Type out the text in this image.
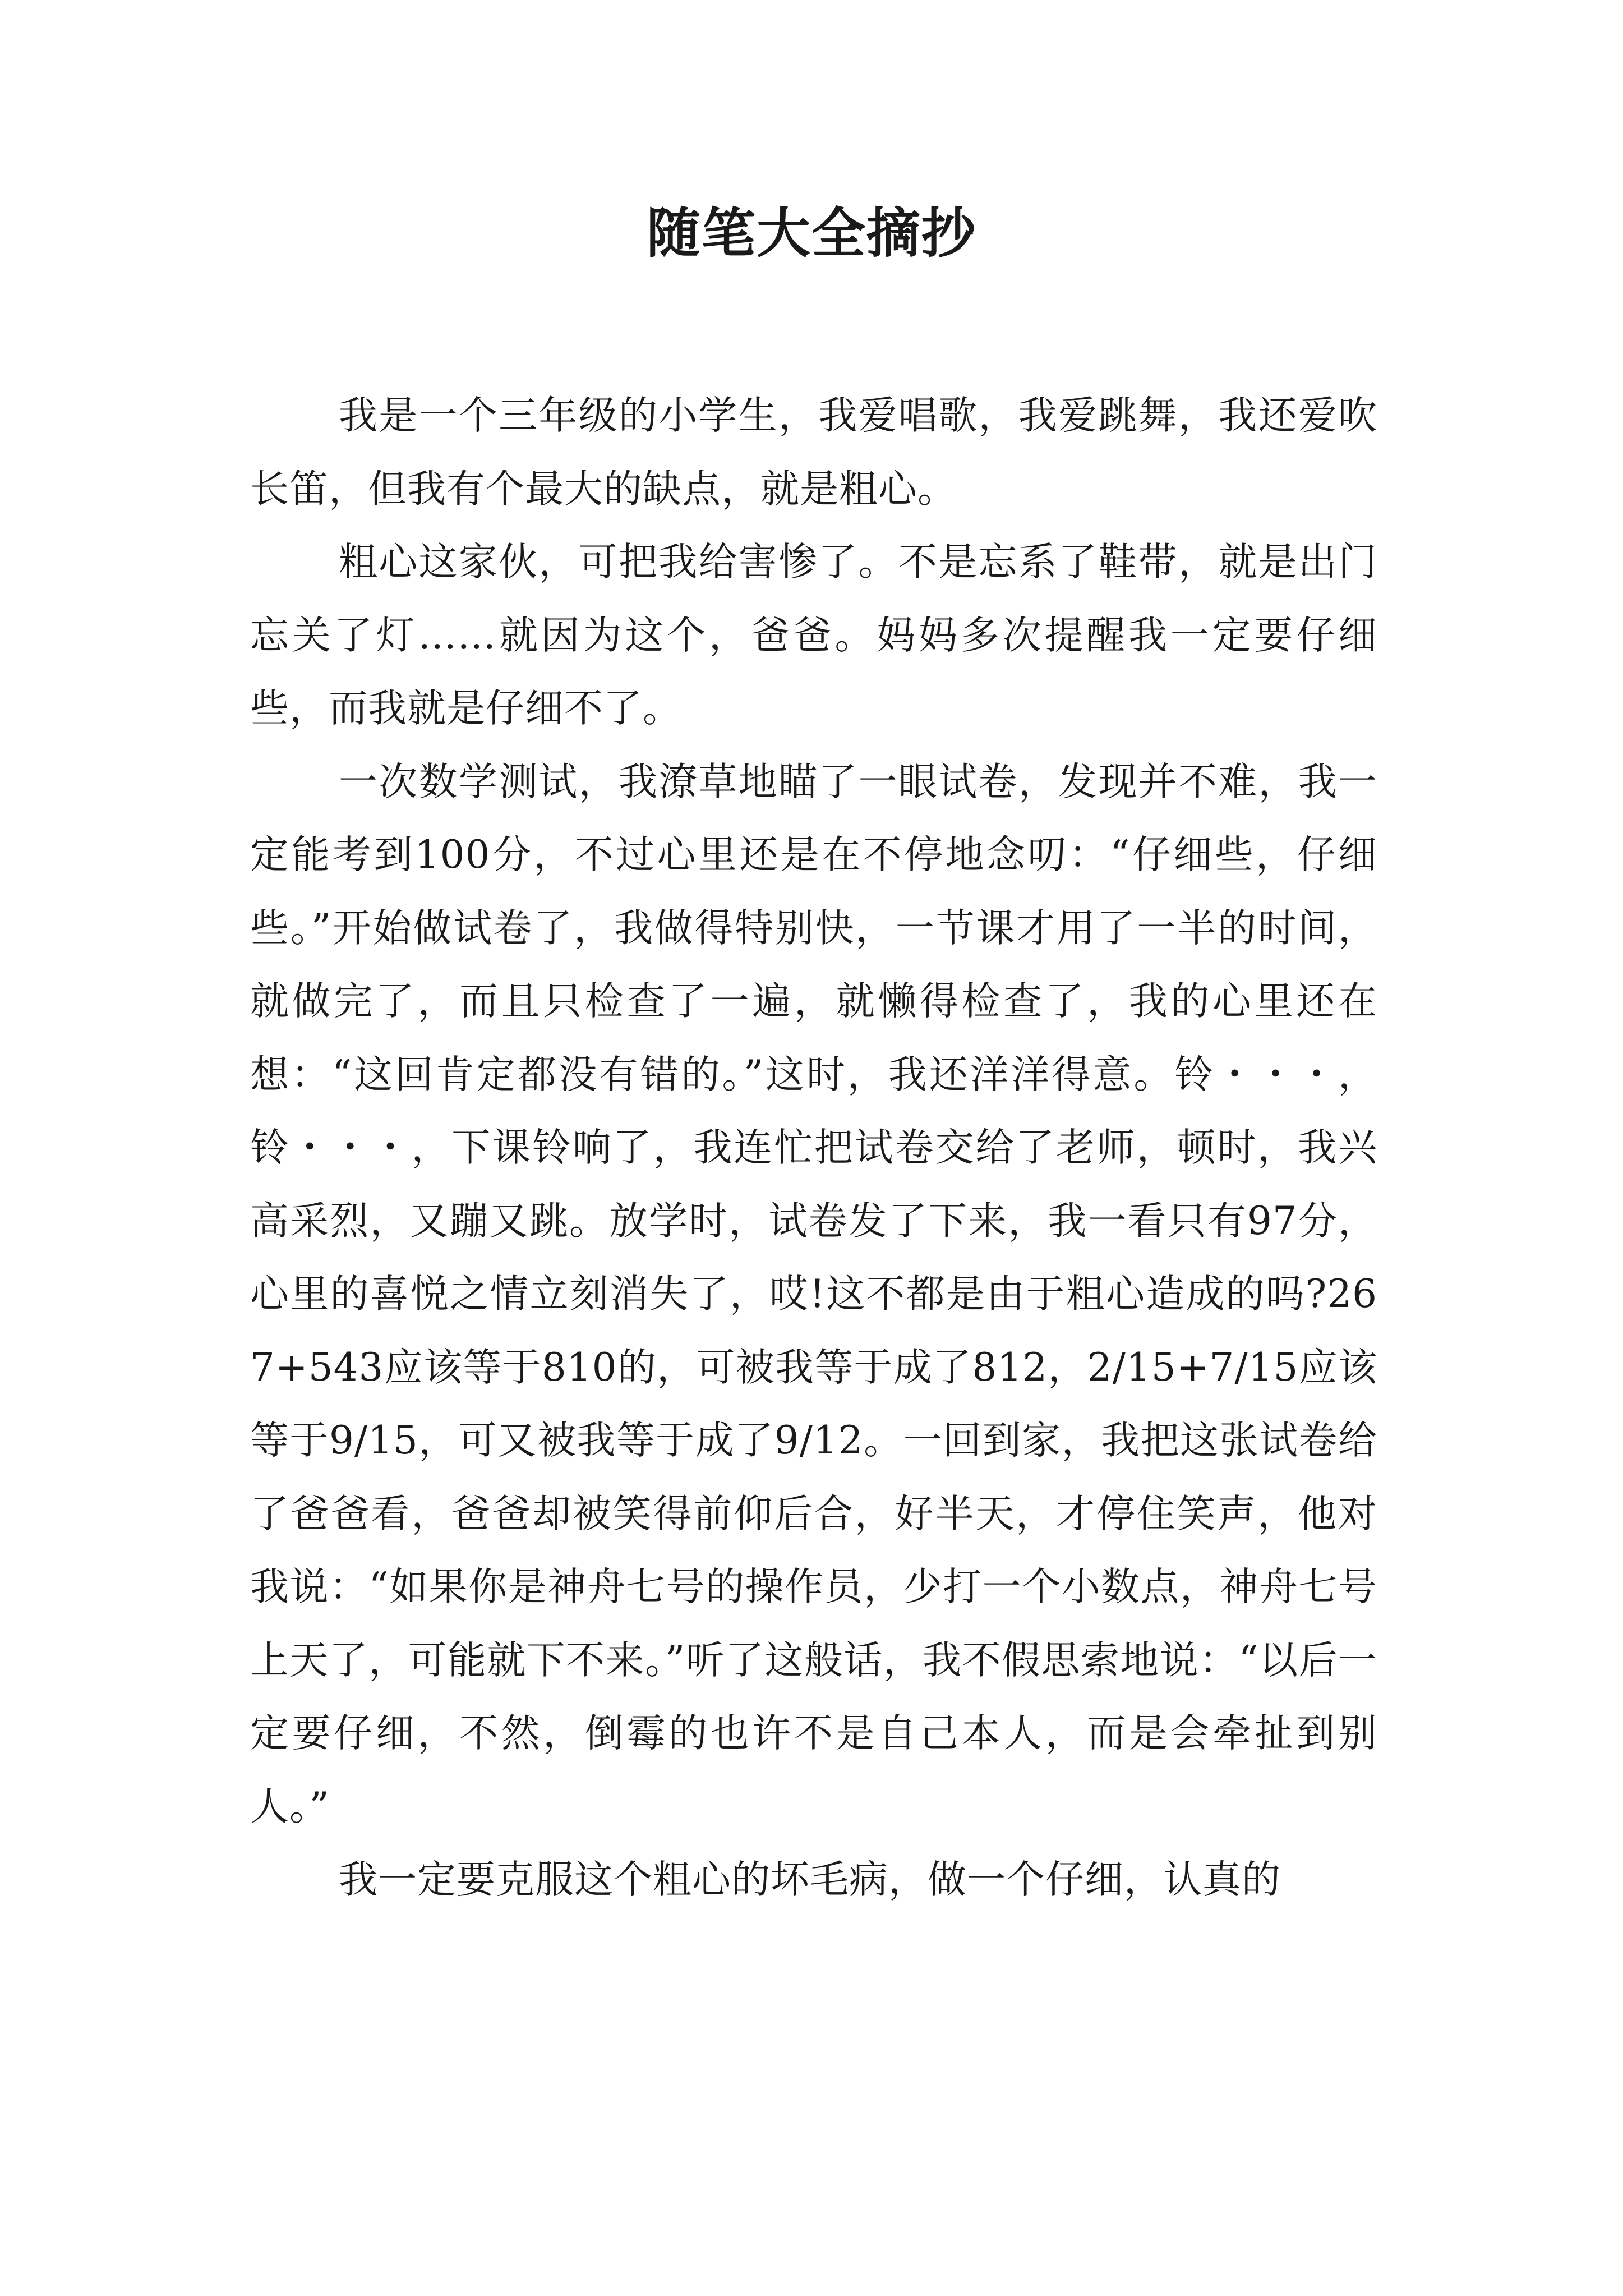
随笔大全摘抄

我是一个三年级的小学生，我爱唱歌，我爱跳舞，我还爱吹长笛，但我有个最大的缺点，就是粗心。

粗心这家伙，可把我给害惨了。不是忘系了鞋带，就是出门忘关了灯……就因为这个，爸爸。妈妈多次提醒我一定要仔细些，而我就是仔细不了。

一次数学测试，我潦草地瞄了一眼试卷，发现并不难，我一定能考到100分，不过心里还是在不停地念叨：“仔细些，仔细些。”开始做试卷了，我做得特别快，一节课才用了一半的时间，就做完了，而且只检查了一遍，就懒得检查了，我的心里还在想：“这回肯定都没有错的。”这时，我还洋洋得意。铃・・・，铃・・・，下课铃响了，我连忙把试卷交给了老师，顿时，我兴高采烈，又蹦又跳。放学时，试卷发了下来，我一看只有97分，心里的喜悦之情立刻消失了，哎!这不都是由于粗心造成的吗?267+543应该等于810的，可被我等于成了812，2/15+7/15应该等于9/15，可又被我等于成了9/12。一回到家，我把这张试卷给了爸爸看，爸爸却被笑得前仰后合，好半天，才停住笑声，他对我说：“如果你是神舟七号的操作员，少打一个小数点，神舟七号上天了，可能就下不来。”听了这般话，我不假思索地说：“以后一定要仔细，不然，倒霉的也许不是自己本人，而是会牵扯到别人。”

我一定要克服这个粗心的坏毛病，做一个仔细，认真的
